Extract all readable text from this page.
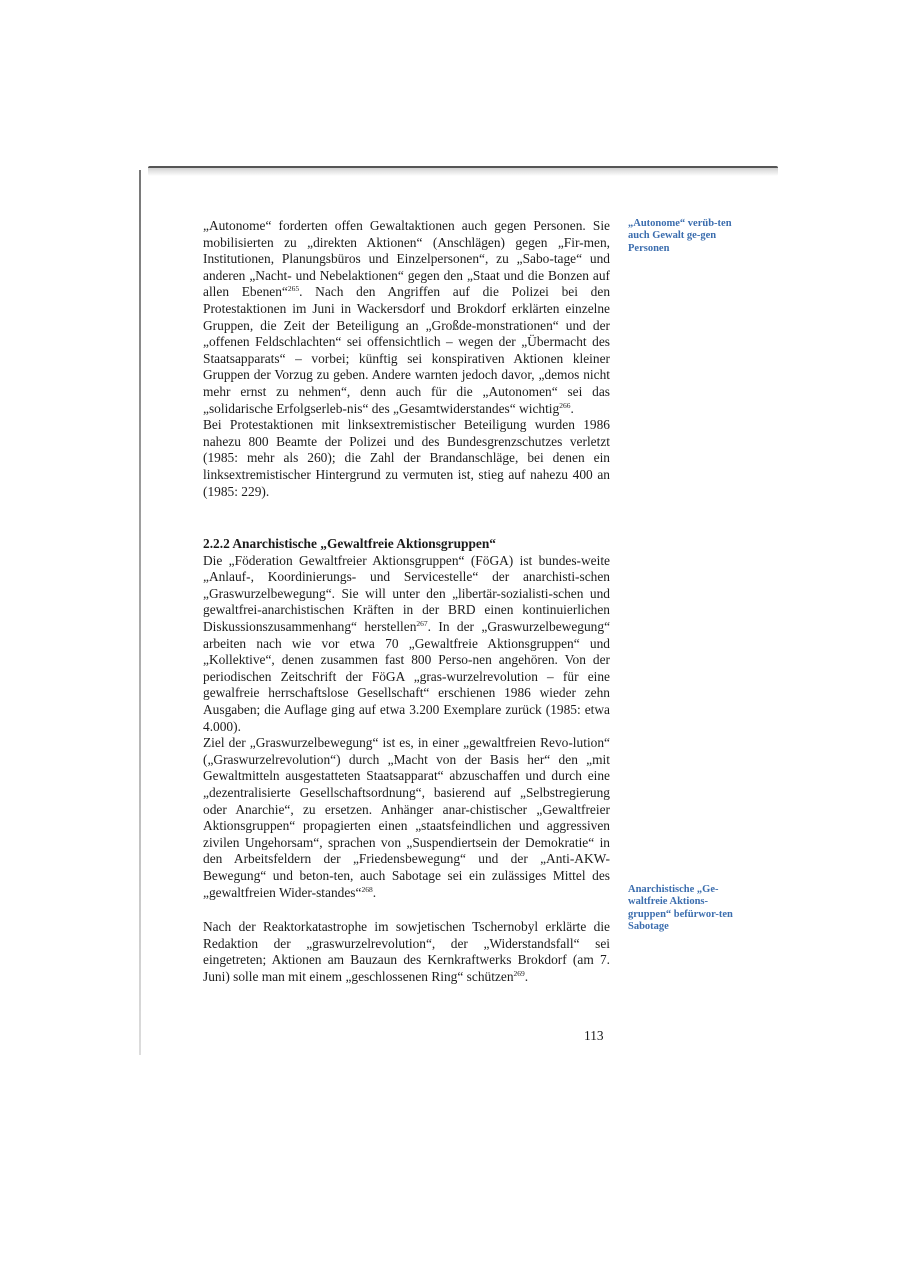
„Autonome“ forderten offen Gewaltaktionen auch gegen Personen. Sie mobilisierten zu „direkten Aktionen“ (Anschlägen) gegen „Fir-men, Institutionen, Planungsbüros und Einzelpersonen“, zu „Sabo-tage“ und anderen „Nacht- und Nebelaktionen“ gegen den „Staat und die Bonzen auf allen Ebenen“$^{265}$. Nach den Angriffen auf die Polizei bei den Protestaktionen im Juni in Wackersdorf und Brokdorf erklärten einzelne Gruppen, die Zeit der Beteiligung an „Großde-monstrationen“ und der „offenen Feldschlachten“ sei offensichtlich – wegen der „Übermacht des Staatsapparats“ – vorbei; künftig sei konspirativen Aktionen kleiner Gruppen der Vorzug zu geben. Andere warnten jedoch davor, „demos nicht mehr ernst zu nehmen“, denn auch für die „Autonomen“ sei das „solidarische Erfolgserleb-nis“ des „Gesamtwiderstandes“ wichtig$^{266}$.

Bei Protestaktionen mit linksextremistischer Beteiligung wurden 1986 nahezu 800 Beamte der Polizei und des Bundesgrenzschutzes verletzt (1985: mehr als 260); die Zahl der Brandanschläge, bei denen ein linksextremistischer Hintergrund zu vermuten ist, stieg auf nahezu 400 an (1985: 229).

2.2.2 Anarchistische „Gewaltfreie Aktionsgruppen“

Die „Föderation Gewaltfreier Aktionsgruppen“ (FöGA) ist bundes-weite „Anlauf-, Koordinierungs- und Servicestelle“ der anarchisti-schen „Graswurzelbewegung“. Sie will unter den „libertär-sozialisti-schen und gewaltfrei-anarchistischen Kräften in der BRD einen kontinuierlichen Diskussionszusammenhang“ herstellen$^{267}$. In der „Graswurzelbewegung“ arbeiten nach wie vor etwa 70 „Gewaltfreie Aktionsgruppen“ und „Kollektive“, denen zusammen fast 800 Perso-nen angehören. Von der periodischen Zeitschrift der FöGA „gras-wurzelrevolution – für eine gewalfreie herrschaftslose Gesellschaft“ erschienen 1986 wieder zehn Ausgaben; die Auflage ging auf etwa 3.200 Exemplare zurück (1985: etwa 4.000).

Ziel der „Graswurzelbewegung“ ist es, in einer „gewaltfreien Revo-lution“ („Graswurzelrevolution“) durch „Macht von der Basis her“ den „mit Gewaltmitteln ausgestatteten Staatsapparat“ abzuschaffen und durch eine „dezentralisierte Gesellschaftsordnung“, basierend auf „Selbstregierung oder Anarchie“, zu ersetzen. Anhänger anar-chistischer „Gewaltfreier Aktionsgruppen“ propagierten einen „staatsfeindlichen und aggressiven zivilen Ungehorsam“, sprachen von „Suspendiertsein der Demokratie“ in den Arbeitsfeldern der „Friedensbewegung“ und der „Anti-AKW-Bewegung“ und beton-ten, auch Sabotage sei ein zulässiges Mittel des „gewaltfreien Wider-standes“$^{268}$.

Nach der Reaktorkatastrophe im sowjetischen Tschernobyl erklärte die Redaktion der „graswurzelrevolution“, der „Widerstandsfall“ sei eingetreten; Aktionen am Bauzaun des Kernkraftwerks Brokdorf (am 7. Juni) solle man mit einem „geschlossenen Ring“ schützen$^{269}$.

„Autonome“ verüb-ten auch Gewalt ge-gen Personen
Anarchistische „Ge-waltfreie Aktions-gruppen“ befürwor-ten Sabotage
113
